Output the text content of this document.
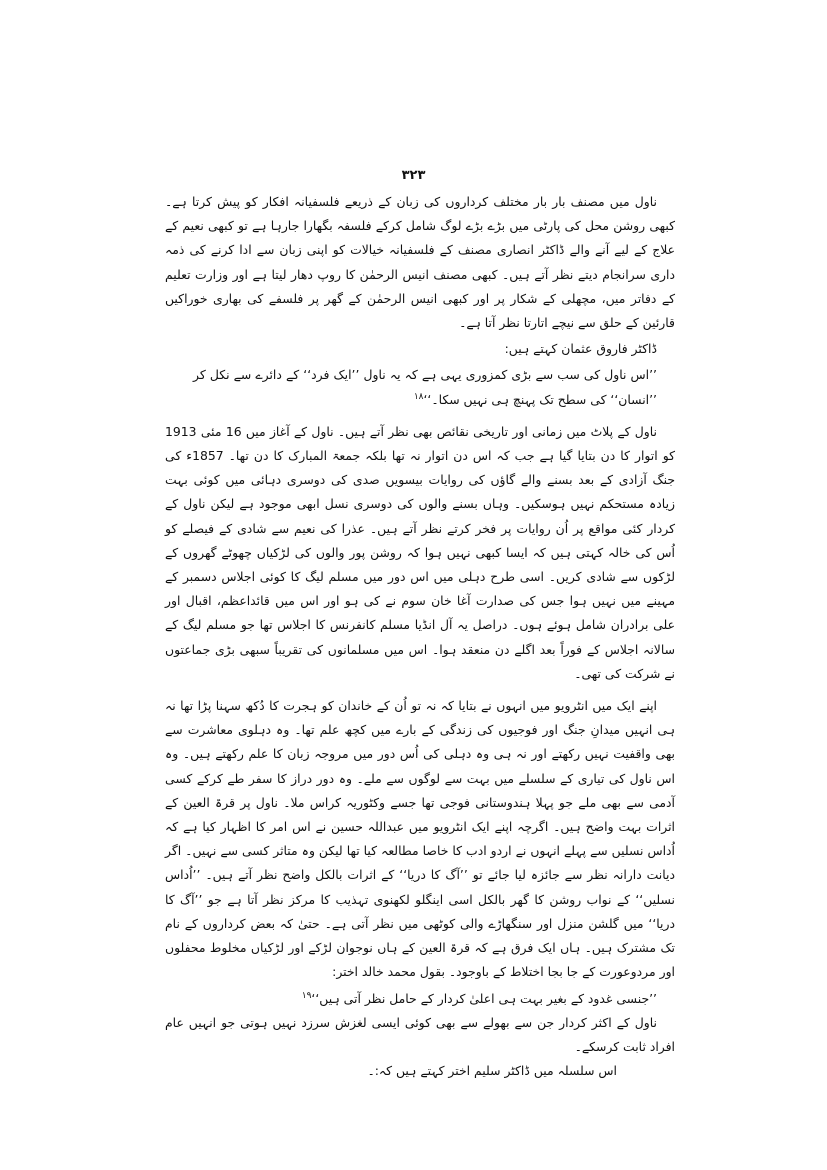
۳۲۳

ناول میں مصنف بار بار مختلف کرداروں کی زبان کے ذریعے فلسفیانہ افکار کو پیش کرتا ہے۔ کبھی روشن محل کی پارٹی میں بڑے بڑے لوگ شامل کرکے فلسفہ بگھارا جارہا ہے تو کبھی نعیم کے علاج کے لیے آنے والے ڈاکٹر انصاری مصنف کے فلسفیانہ خیالات کو اپنی زبان سے ادا کرنے کی ذمہ داری سرانجام دیتے نظر آتے ہیں۔ کبھی مصنف انیس الرحمٰن کا روپ دھار لیتا ہے اور وزارت تعلیم کے دفاتر میں، مچھلی کے شکار پر اور کبھی انیس الرحمٰن کے گھر پر فلسفے کی بھاری خوراکیں قارئین کے حلق سے نیچے اتارتا نظر آتا ہے۔

ڈاکٹر فاروق عثمان کہتے ہیں:

’’اس ناول کی سب سے بڑی کمزوری یہی ہے کہ یہ ناول ’’ایک فرد‘‘ کے دائرے سے نکل کر ’’انسان‘‘ کی سطح تک پہنچ ہی نہیں سکا۔‘‘$^{۱۸}$

ناول کے پلاٹ میں زمانی اور تاریخی نقائص بھی نظر آتے ہیں۔ ناول کے آغاز میں 16 مئی 1913 کو اتوار کا دن بتایا گیا ہے جب کہ اس دن اتوار نہ تھا بلکہ جمعۃ المبارک کا دن تھا۔ 1857ء کی جنگ آزادی کے بعد بسنے والے گاؤں کی روایات بیسویں صدی کی دوسری دہائی میں کوئی بہت زیادہ مستحکم نہیں ہوسکیں۔ وہاں بسنے والوں کی دوسری نسل ابھی موجود ہے لیکن ناول کے کردار کئی مواقع پر اُن روایات پر فخر کرتے نظر آتے ہیں۔ عذرا کی نعیم سے شادی کے فیصلے کو اُس کی خالہ کہتی ہیں کہ ایسا کبھی نہیں ہوا کہ روشن پور والوں کی لڑکیاں چھوٹے گھروں کے لڑکوں سے شادی کریں۔ اسی طرح دہلی میں اس دور میں مسلم لیگ کا کوئی اجلاس دسمبر کے مہینے میں نہیں ہوا جس کی صدارت آغا خان سوم نے کی ہو اور اس میں قائداعظم، اقبال اور علی برادران شامل ہوئے ہوں۔ دراصل یہ آل انڈیا مسلم کانفرنس کا اجلاس تھا جو مسلم لیگ کے سالانہ اجلاس کے فوراً بعد اگلے دن منعقد ہوا۔ اس میں مسلمانوں کی تقریباً سبھی بڑی جماعتوں نے شرکت کی تھی۔

اپنے ایک میں انٹرویو میں انہوں نے بتایا کہ نہ تو اُن کے خاندان کو ہجرت کا دُکھ سہنا پڑا تھا نہ ہی انہیں میدانِ جنگ اور فوجیوں کی زندگی کے بارے میں کچھ علم تھا۔ وہ دہلوی معاشرت سے بھی واقفیت نہیں رکھتے اور نہ ہی وہ دہلی کی اُس دور میں مروجہ زبان کا علم رکھتے ہیں۔ وہ اس ناول کی تیاری کے سلسلے میں بہت سے لوگوں سے ملے۔ وہ دور دراز کا سفر طے کرکے کسی آدمی سے بھی ملے جو پہلا ہندوستانی فوجی تھا جسے وکٹوریہ کراس ملا۔ ناول پر قرۃ العین کے اثرات بہت واضح ہیں۔ اگرچہ اپنے ایک انٹرویو میں عبداللہ حسین نے اس امر کا اظہار کیا ہے کہ اُداس نسلیں سے پہلے انہوں نے اردو ادب کا خاصا مطالعہ کیا تھا لیکن وہ متاثر کسی سے نہیں۔ اگر دیانت دارانہ نظر سے جائزہ لیا جائے تو ’’آگ کا دریا‘‘ کے اثرات بالکل واضح نظر آتے ہیں۔ ’’اُداس نسلیں‘‘ کے نواب روشن کا گھر بالکل اسی اینگلو لکھنوی تہذیب کا مرکز نظر آتا ہے جو ’’آگ کا دریا‘‘ میں گلشن منزل اور سنگھاڑے والی کوٹھی میں نظر آتی ہے۔ حتیٰ کہ بعض کرداروں کے نام تک مشترک ہیں۔ ہاں ایک فرق ہے کہ قرۃ العین کے ہاں نوجوان لڑکے اور لڑکیاں مخلوط محفلوں اور مردوعورت کے جا بجا اختلاط کے باوجود۔ بقول محمد خالد اختر:

’’جنسی غدود کے بغیر بہت ہی اعلیٰ کردار کے حامل نظر آتی ہیں‘‘$^{۱۹}$

ناول کے اکثر کردار جن سے بھولے سے بھی کوئی ایسی لغزش سرزد نہیں ہوتی جو انہیں عام افراد ثابت کرسکے۔

اس سلسلہ میں ڈاکٹر سلیم اختر کہتے ہیں کہ:۔
